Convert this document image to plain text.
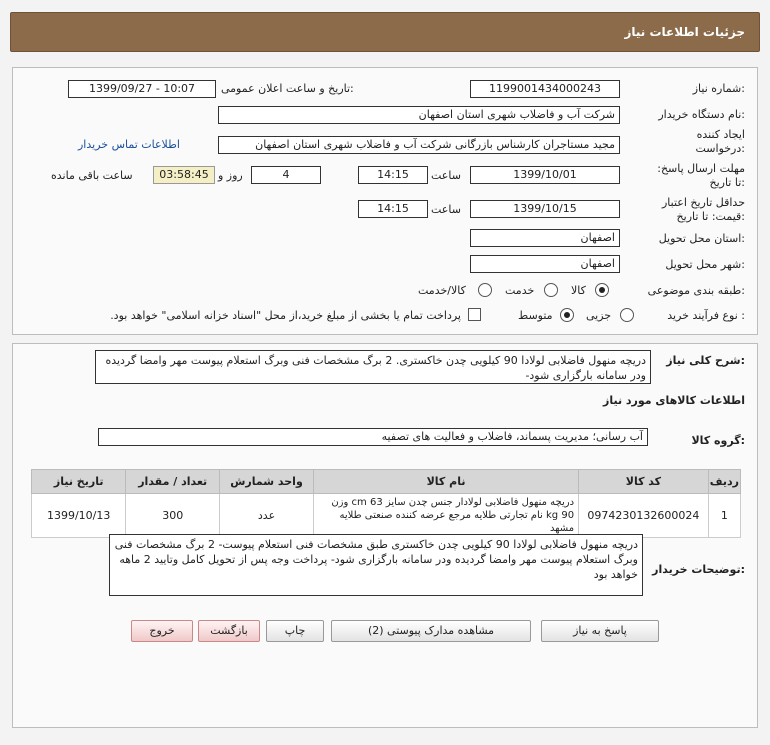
جزئیات اطلاعات نیاز
شماره نیاز:
1199001434000243
تاریخ و ساعت اعلان عمومی:
1399/09/27 - 10:07
نام دستگاه خریدار:
شرکت آب و فاضلاب شهری استان اصفهان
ایجاد کننده درخواست:
مجید مستاجران کارشناس بازرگانی شرکت آب و فاضلاب شهری استان اصفهان
اطلاعات تماس خریدار
مهلت ارسال پاسخ: تا تاریخ:
1399/10/01
ساعت
14:15
4
روز و
03:58:45
ساعت باقی مانده
حداقل تاریخ اعتبار قیمت: تا تاریخ:
1399/10/15
ساعت
14:15
استان محل تحویل:
اصفهان
شهر محل تحویل:
اصفهان
طبقه بندی موضوعی:
کالا
خدمت
کالا/خدمت
نوع فرآیند خرید :
جزیی
متوسط
پرداخت تمام یا بخشی از مبلغ خرید،از محل "اسناد خزانه اسلامی" خواهد بود.
شرح کلی نیاز:
دریچه منهول فاضلابی لولادا 90 کیلویی چدن خاکستری. 2 برگ مشخصات فنی وبرگ استعلام پیوست مهر وامضا گردیده ودر سامانه بارگزاری شود-
اطلاعات کالاهای مورد نیاز
گروه کالا:
آب رسانی؛ مدیریت پسماند، فاضلاب و فعالیت های تصفیه
تاریخ نیاز	تعداد / مقدار	واحد شمارش	نام کالا	کد کالا	ردیف
1399/10/13	300	عدد	دریچه منهول فاضلابی لولادار جنس چدن سایز 63 cm وزن 90 kg نام تجارتی طلایه مرجع عرضه کننده صنعتی طلایه مشهد	0974230132600024	1
توضیحات خریدار:
دریچه منهول فاضلابی لولادا 90 کیلویی چدن خاکستری طبق مشخصات فنی استعلام پیوست- 2 برگ مشخصات فنی وبرگ استعلام پیوست مهر وامضا گردیده ودر سامانه بارگزاری شود- پرداخت وجه پس از تحویل کامل وتایید 2 ماهه خواهد بود
پاسخ به نیاز
مشاهده مدارک پیوستی (2)
چاپ
بازگشت
خروج
